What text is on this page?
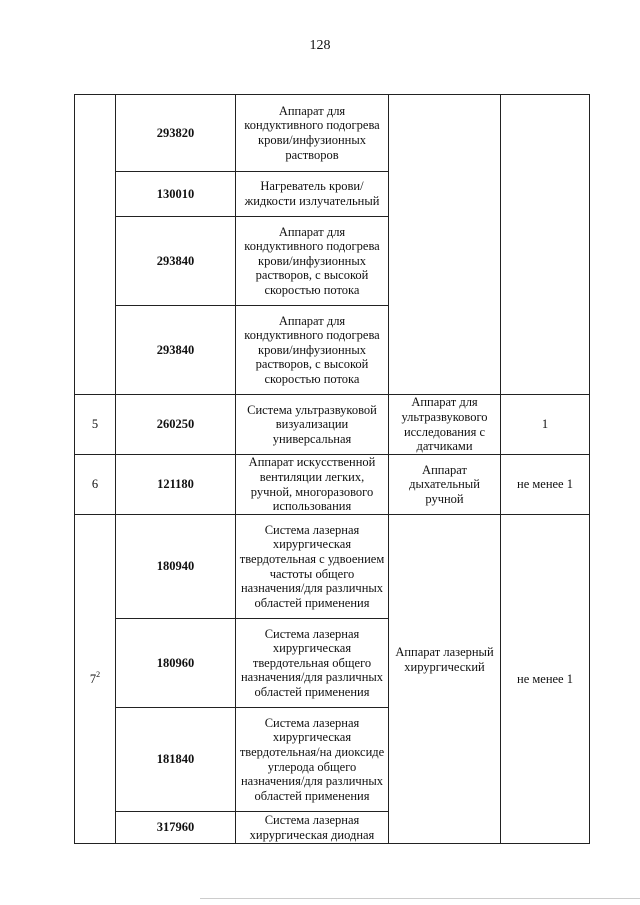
128
	293820	Аппарат для кондуктивного подогрева крови/инфузионных растворов		
	130010	Нагреватель крови/жидкости излучательный		
	293840	Аппарат для кондуктивного подогрева крови/инфузионных растворов, с высокой скоростью потока		
	293840	Аппарат для кондуктивного подогрева крови/инфузионных растворов, с высокой скоростью потока		
5	260250	Система ультразвуковой визуализации универсальная	Аппарат для ультразвукового исследования с датчиками	1
6	121180	Аппарат искусственной вентиляции легких, ручной, многоразового использования	Аппарат дыхательный ручной	не менее 1
$7^2$	180940	Система лазерная хирургическая твердотельная с удвоением частоты общего назначения/для различных областей применения	Аппарат лазерный хирургический	не менее 1
	180960	Система лазерная хирургическая твердотельная общего назначения/для различных областей применения		
	181840	Система лазерная хирургическая твердотельная/на диоксиде углерода общего назначения/для различных областей применения		
	317960	Система лазерная хирургическая диодная		
